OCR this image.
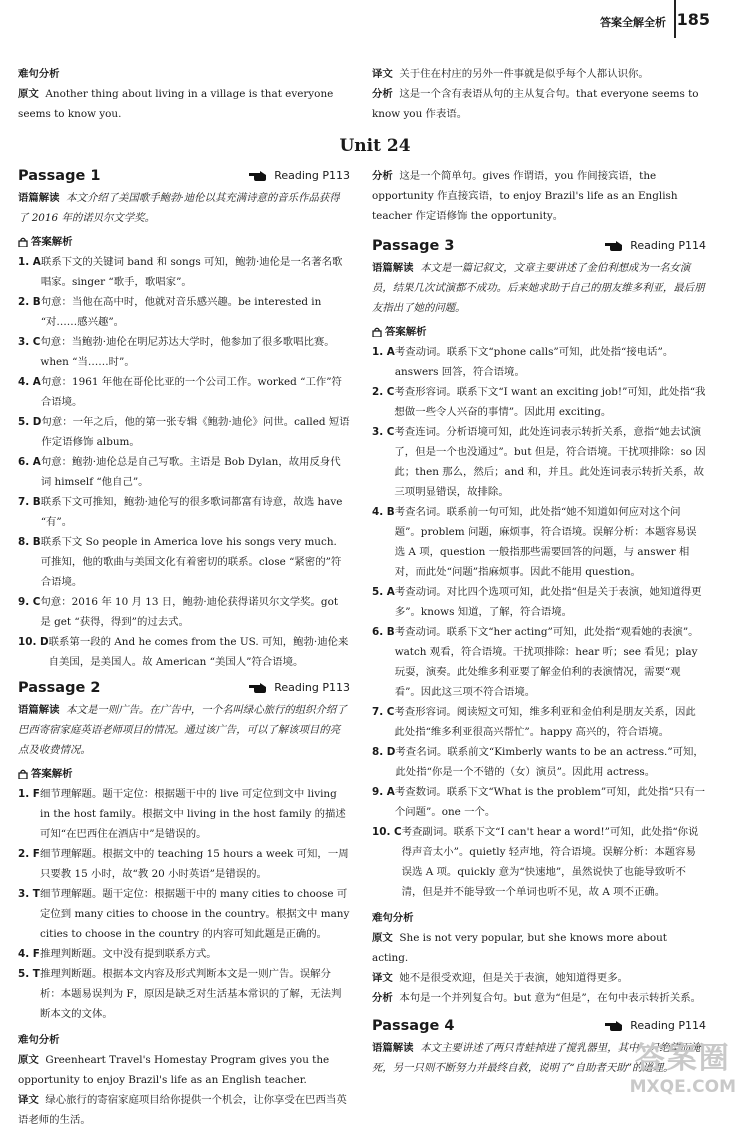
答案全解全析 185
难句分析

原文 Another thing about living in a village is that everyone seems to know you.

译文 关于住在村庄的另外一件事就是似乎每个人都认识你。

分析 这是一个含有表语从句的主从复合句。that everyone seems to know you 作表语。

Unit 24
Passage 1	Reading P113

语篇解读 本文介绍了美国歌手鲍勃·迪伦以其充满诗意的音乐作品获得了 2016 年的诺贝尔文学奖。

答案解析
1. A 联系下文的关键词 band 和 songs 可知，鲍勃·迪伦是一名著名歌唱家。singer “歌手，歌唱家”。
2. B 句意：当他在高中时，他就对音乐感兴趣。be interested in “对……感兴趣”。
3. C 句意：当鲍勃·迪伦在明尼苏达大学时，他参加了很多歌唱比赛。when “当……时”。
4. A 句意：1961 年他在哥伦比亚的一个公司工作。worked “工作”符合语境。
5. D 句意：一年之后，他的第一张专辑《鲍勃·迪伦》问世。called 短语作定语修饰 album。
6. A 句意：鲍勃·迪伦总是自己写歌。主语是 Bob Dylan，故用反身代词 himself “他自己”。
7. B 联系下文可推知，鲍勃·迪伦写的很多歌词都富有诗意，故选 have “有”。
8. B 联系下文 So people in America love his songs very much. 可推知，他的歌曲与美国文化有着密切的联系。close “紧密的”符合语境。
9. C 句意：2016 年 10 月 13 日，鲍勃·迪伦获得诺贝尔文学奖。got 是 get “获得，得到”的过去式。
10. D 联系第一段的 And he comes from the US. 可知，鲍勃·迪伦来自美国，是美国人。故 American “美国人”符合语境。
Passage 2	Reading P113

语篇解读 本文是一则广告。在广告中，一个名叫绿心旅行的组织介绍了巴西寄宿家庭英语老师项目的情况。通过该广告，可以了解该项目的亮点及收费情况。

答案解析
1. F 细节理解题。题干定位：根据题干中的 live 可定位到文中 living in the host family。根据文中 living in the host family 的描述可知“在巴西住在酒店中”是错误的。
2. F 细节理解题。根据文中的 teaching 15 hours a week 可知，一周只要教 15 小时，故“教 20 小时英语”是错误的。
3. T 细节理解题。题干定位：根据题干中的 many cities to choose 可定位到 many cities to choose in the country。根据文中 many cities to choose in the country 的内容可知此题是正确的。
4. F 推理判断题。文中没有提到联系方式。
5. T 推理判断题。根据本文内容及形式判断本文是一则广告。误解分析：本题易误判为 F，原因是缺乏对生活基本常识的了解，无法判断本文的文体。
难句分析

原文 Greenheart Travel's Homestay Program gives you the opportunity to enjoy Brazil's life as an English teacher.

译文 绿心旅行的寄宿家庭项目给你提供一个机会，让你享受在巴西当英语老师的生活。

分析 这是一个简单句。gives 作谓语，you 作间接宾语，the opportunity 作直接宾语，to enjoy Brazil's life as an English teacher 作定语修饰 the opportunity。

Passage 3	Reading P114

语篇解读 本文是一篇记叙文，文章主要讲述了金伯利想成为一名女演员，结果几次试演都不成功。后来她求助于自己的朋友维多利亚，最后朋友指出了她的问题。

答案解析
1. A 考查动词。联系下文“phone calls”可知，此处指“接电话”。answers 回答，符合语境。
2. C 考查形容词。联系下文“I want an exciting job!”可知，此处指“我想做一些令人兴奋的事情”。因此用 exciting。
3. C 考查连词。分析语境可知，此处连词表示转折关系，意指“她去试演了，但是一个也没通过”。but 但是，符合语境。干扰项排除：so 因此；then 那么，然后；and 和，并且。此处连词表示转折关系，故三项明显错误，故排除。
4. B 考查名词。联系前一句可知，此处指“她不知道如何应对这个问题”。problem 问题，麻烦事，符合语境。误解分析：本题容易误选 A 项，question 一般指那些需要回答的问题，与 answer 相对，而此处“问题”指麻烦事。因此不能用 question。
5. A 考查动词。对比四个选项可知，此处指“但是关于表演，她知道得更多”。knows 知道，了解，符合语境。
6. B 考查动词。联系下文“her acting”可知，此处指“观看她的表演”。watch 观看，符合语境。干扰项排除：hear 听；see 看见；play 玩耍，演奏。此处维多利亚要了解金伯利的表演情况，需要“观看”。因此这三项不符合语境。
7. C 考查形容词。阅读短文可知，维多利亚和金伯利是朋友关系，因此此处指“维多利亚很高兴帮忙”。happy 高兴的，符合语境。
8. D 考查名词。联系前文“Kimberly wants to be an actress.”可知，此处指“你是一个不错的（女）演员”。因此用 actress。
9. A 考查数词。联系下文“What is the problem”可知，此处指“只有一个问题”。one 一个。
10. C 考查副词。联系下文“I can't hear a word!”可知，此处指“你说得声音太小”。quietly 轻声地，符合语境。误解分析：本题容易误选 A 项。quickly 意为“快速地”，虽然说快了也能导致听不清，但是并不能导致一个单词也听不见，故 A 项不正确。
难句分析

原文 She is not very popular, but she knows more about acting.

译文 她不是很受欢迎，但是关于表演，她知道得更多。

分析 本句是一个并列复合句。but 意为“但是”，在句中表示转折关系。

Passage 4	Reading P114

语篇解读 本文主要讲述了两只青蛙掉进了搅乳器里，其中一只绝望而淹死，另一只则不断努力并最终自救，说明了“自助者天助”的道理。

答案圈
MXQE.COM
